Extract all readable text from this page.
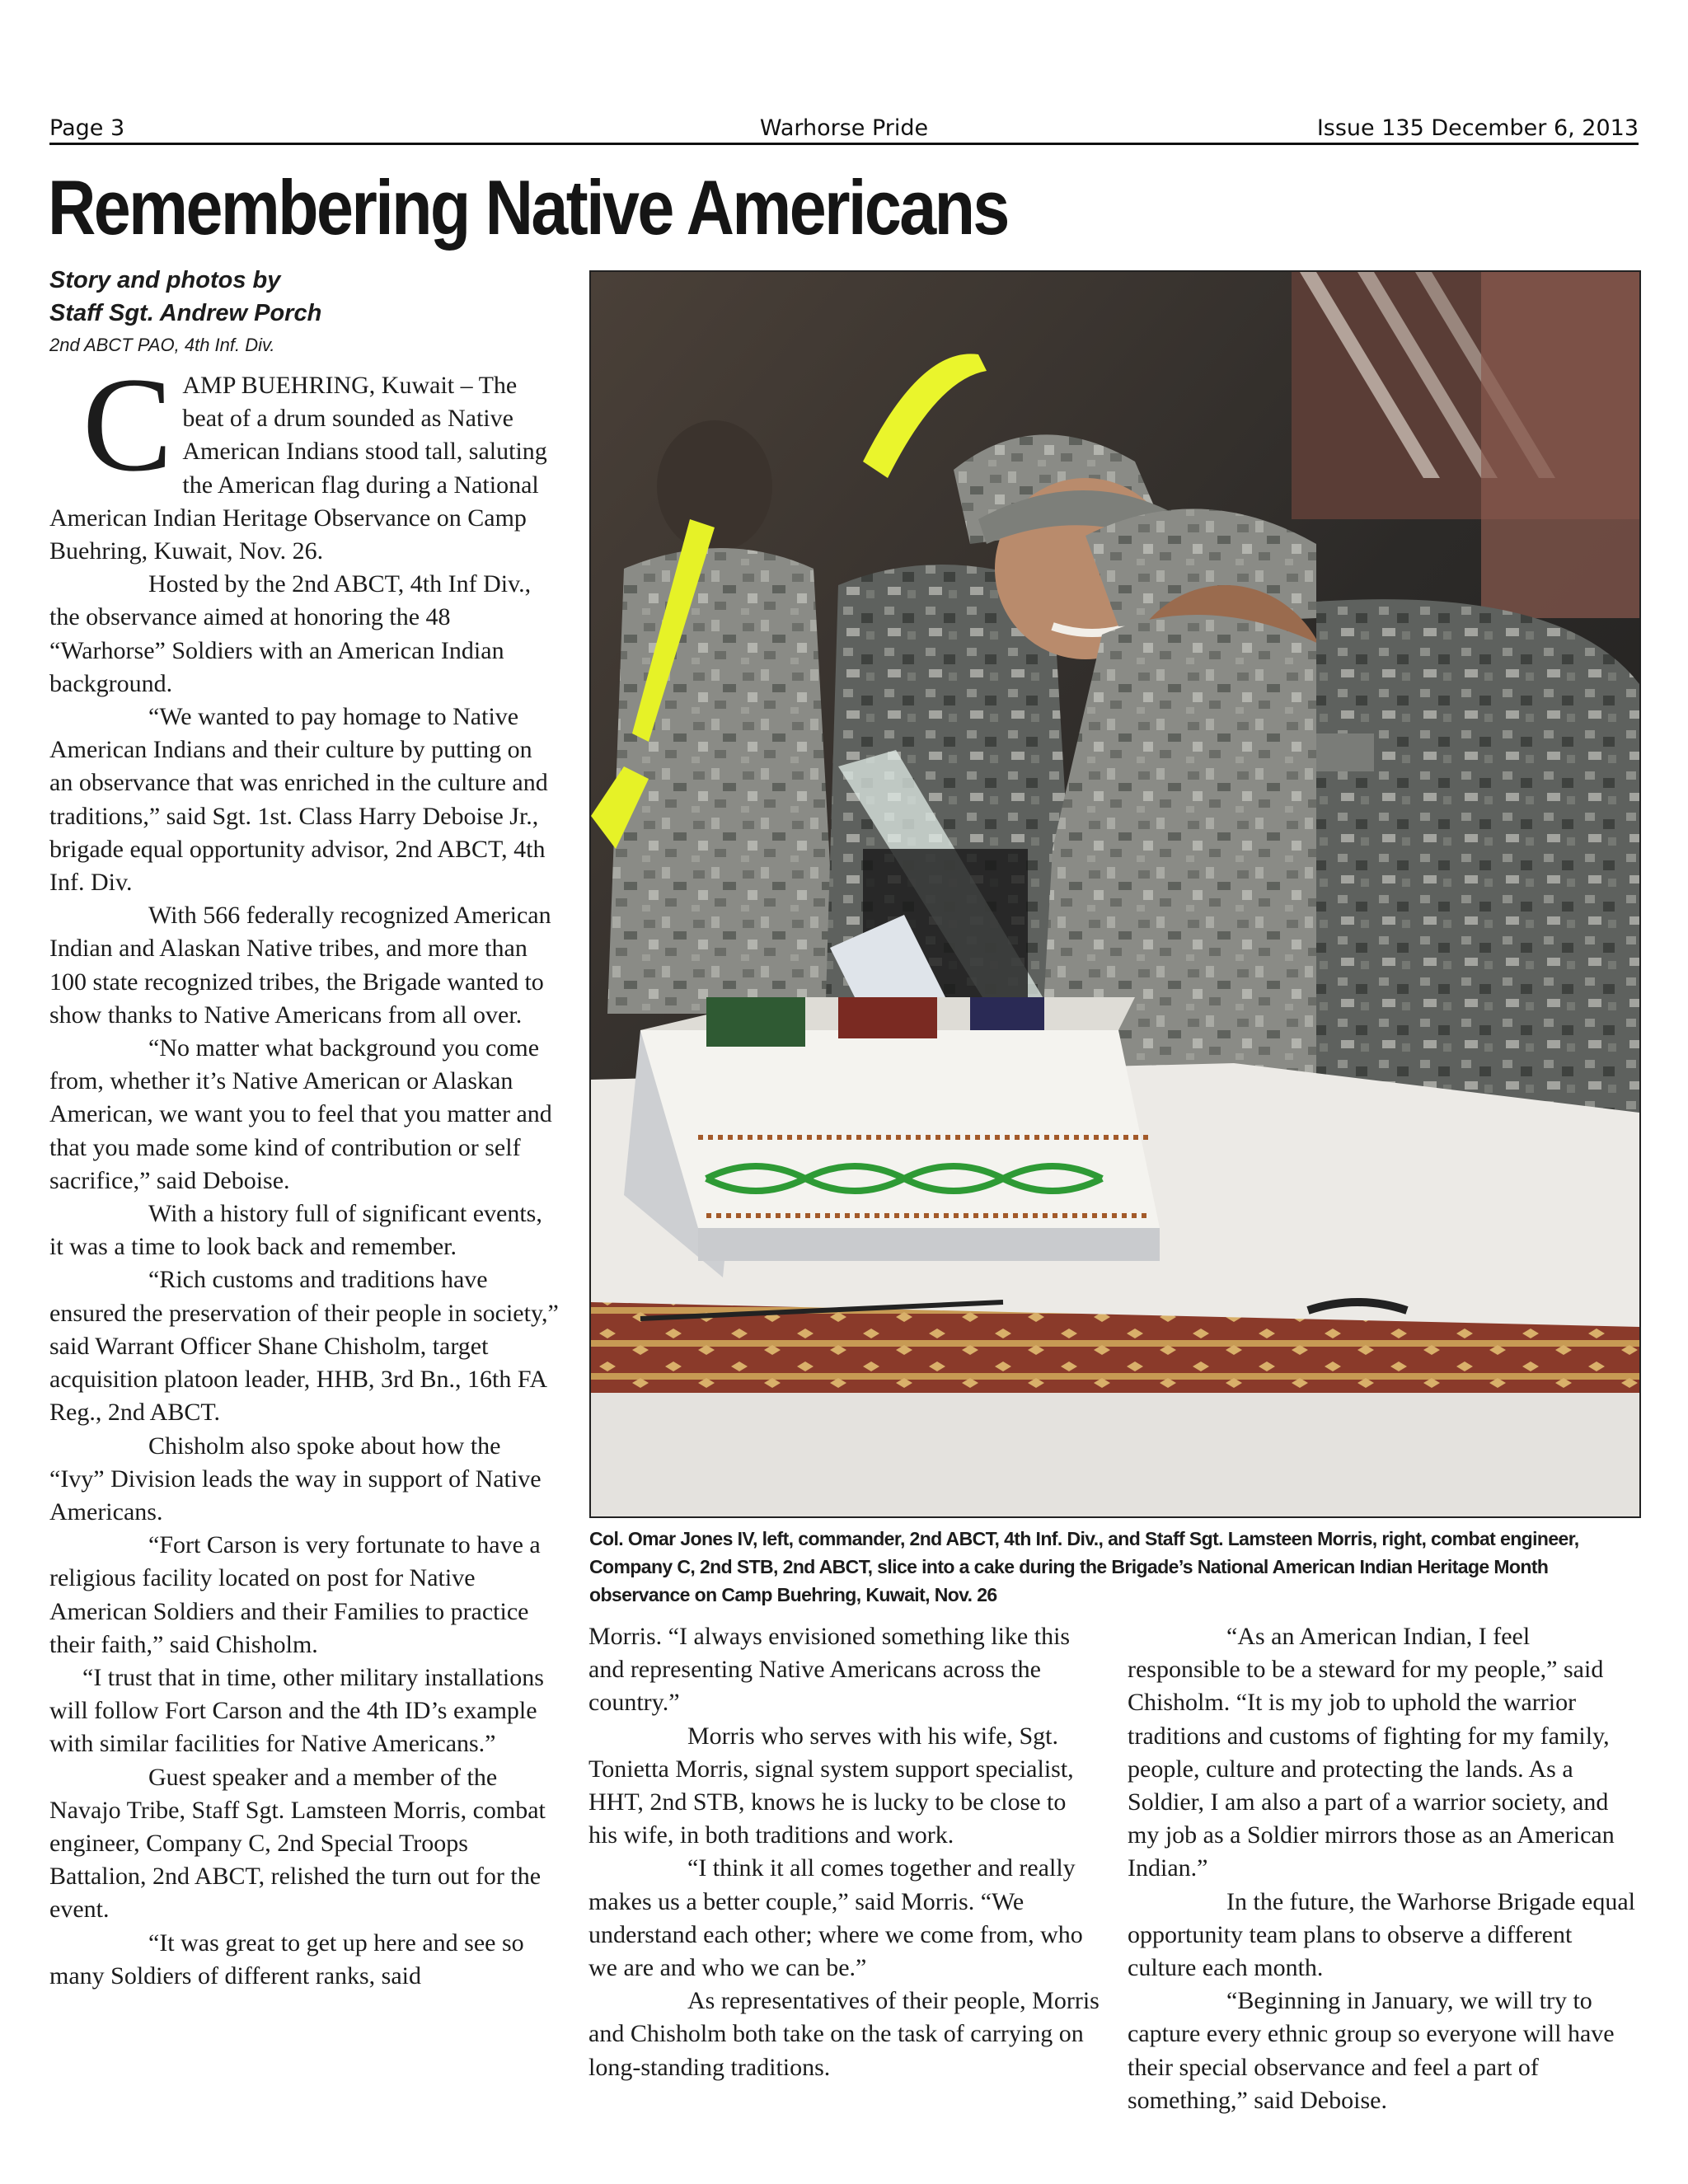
Page 3	Warhorse Pride	Issue 135 December 6, 2013
Remembering Native Americans
Story and photos by
Staff Sgt. Andrew Porch
2nd ABCT PAO, 4th Inf. Div.

CAMP BUEHRING, Kuwait – The beat of a drum sounded as Native American Indians stood tall, saluting the American flag during a National American Indian Heritage Observance on Camp Buehring, Kuwait, Nov. 26.

Hosted by the 2nd ABCT, 4th Inf Div., the observance aimed at honoring the 48 “Warhorse” Soldiers with an American Indian background.

“We wanted to pay homage to Native American Indians and their culture by putting on an observance that was enriched in the culture and traditions,” said Sgt. 1st. Class Harry Deboise Jr., brigade equal opportunity advisor, 2nd ABCT, 4th Inf. Div.

With 566 federally recognized American Indian and Alaskan Native tribes, and more than 100 state recognized tribes, the Brigade wanted to show thanks to Native Americans from all over.

“No matter what background you come from, whether it’s Native American or Alaskan American, we want you to feel that you matter and that you made some kind of contribution or self sacrifice,” said Deboise.

With a history full of significant events, it was a time to look back and remember.

“Rich customs and traditions have ensured the preservation of their people in society,” said Warrant Officer Shane Chisholm, target acquisition platoon leader, HHB, 3rd Bn., 16th FA Reg., 2nd ABCT.

Chisholm also spoke about how the “Ivy” Division leads the way in support of Native Americans.

“Fort Carson is very fortunate to have a religious facility located on post for Native American Soldiers and their Families to practice their faith,” said Chisholm.

“I trust that in time, other military installations will follow Fort Carson and the 4th ID’s example with similar facilities for Native Americans.”

Guest speaker and a member of the Navajo Tribe, Staff Sgt. Lamsteen Morris, combat engineer, Company C, 2nd Special Troops Battalion, 2nd ABCT, relished the turn out for the event.

“It was great to get up here and see so many Soldiers of different ranks, said

Col. Omar Jones IV, left, commander, 2nd ABCT, 4th Inf. Div., and Staff Sgt. Lamsteen Morris, right, combat engineer, Company C, 2nd STB, 2nd ABCT, slice into a cake during the Brigade’s National American Indian Heritage Month observance on Camp Buehring, Kuwait, Nov. 26

Morris. “I always envisioned something like this and representing Native Americans across the country.”

Morris who serves with his wife, Sgt. Tonietta Morris, signal system support specialist, HHT, 2nd STB, knows he is lucky to be close to his wife, in both traditions and work.

“I think it all comes together and really makes us a better couple,” said Morris. “We understand each other; where we come from, who we are and who we can be.”

As representatives of their people, Morris and Chisholm both take on the task of carrying on long-standing traditions.

“As an American Indian, I feel responsible to be a steward for my people,” said Chisholm. “It is my job to uphold the warrior traditions and customs of fighting for my family, people, culture and protecting the lands. As a Soldier, I am also a part of a warrior society, and my job as a Soldier mirrors those as an American Indian.”

In the future, the Warhorse Brigade equal opportunity team plans to observe a different culture each month.

“Beginning in January, we will try to capture every ethnic group so everyone will have their special observance and feel a part of something,” said Deboise.
